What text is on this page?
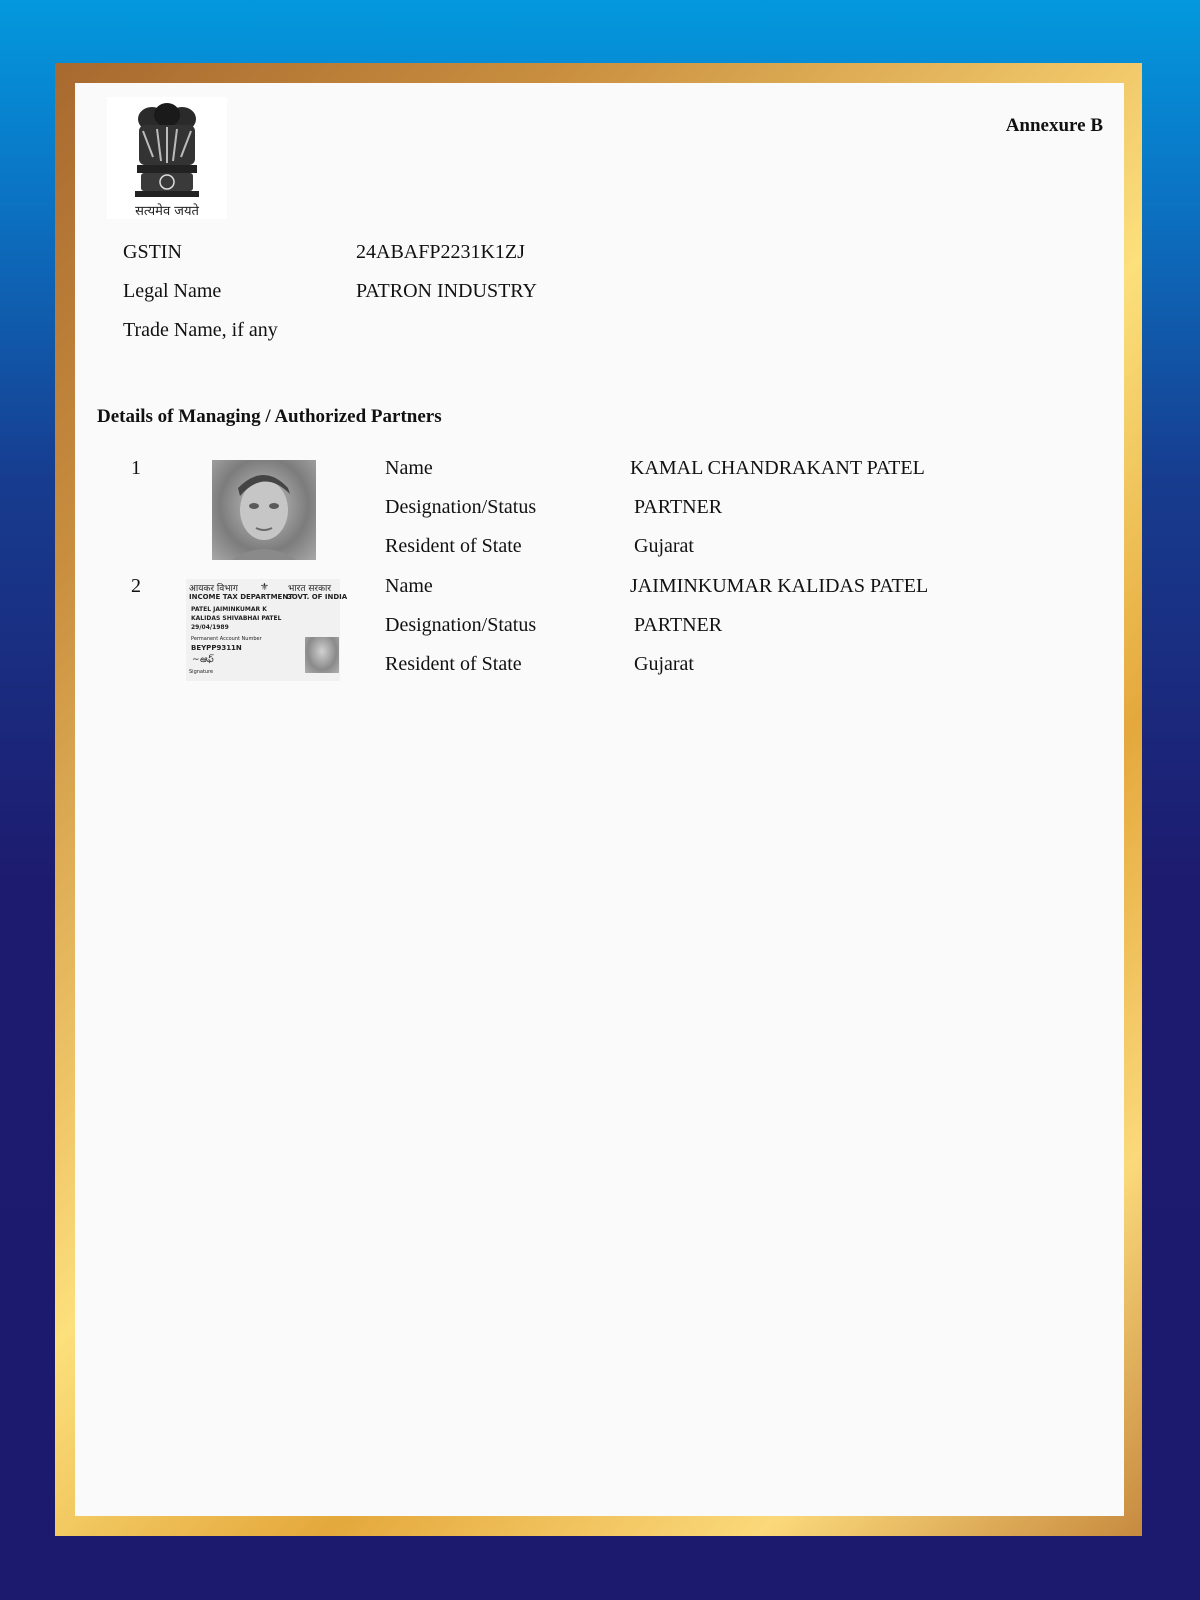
सत्यमेव जयते
Annexure B
GSTIN	24ABAFP2231K1ZJ
Legal Name	PATRON INDUSTRY
Trade Name, if any
Details of Managing / Authorized Partners
1	Name	KAMAL CHANDRAKANT PATEL
Designation/Status	PARTNER
Resident of State	Gujarat
2	आयकर विभाग	भारत सरकार
⚜
INCOME TAX DEPARTMENT
GOVT. OF INDIA
PATEL JAIMINKUMAR K
KALIDAS SHIVABHAI PATEL
29/04/1989
Permanent Account Number
BEYPP9311N
~ఆఫ్
Signature
Name	JAIMINKUMAR KALIDAS PATEL
Designation/Status	PARTNER
Resident of State	Gujarat
